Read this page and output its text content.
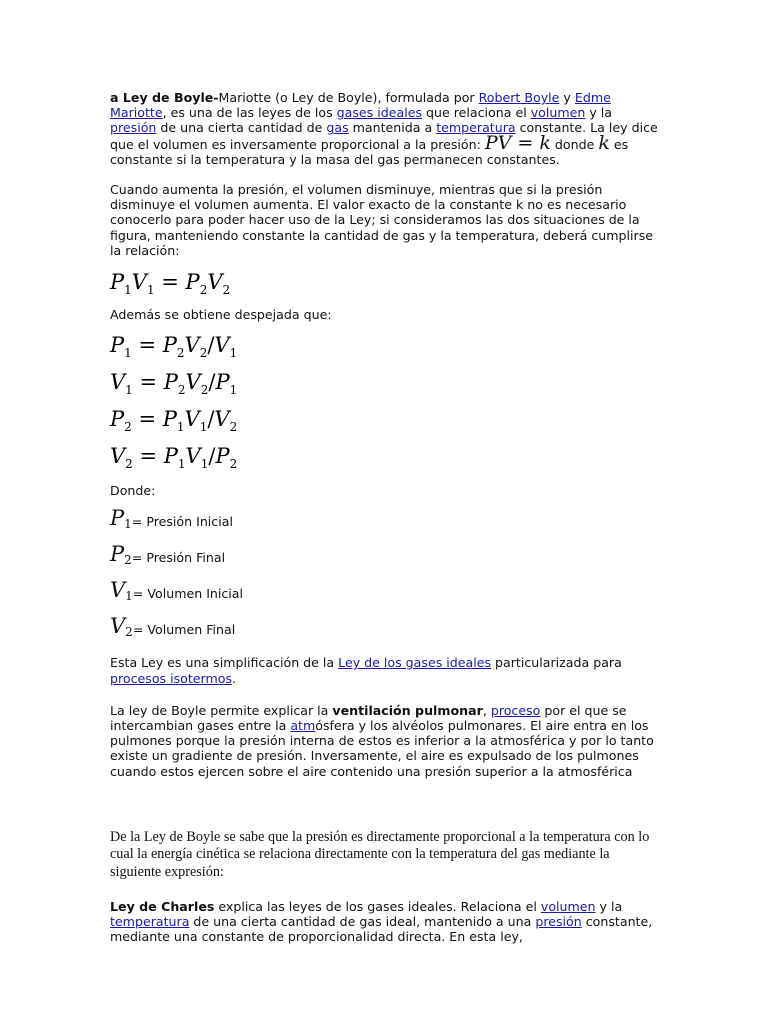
a Ley de Boyle-Mariotte (o Ley de Boyle), formulada por Robert Boyle y Edme Mariotte, es una de las leyes de los gases ideales que relaciona el volumen y la presión de una cierta cantidad de gas mantenida a temperatura constante. La ley dice que el volumen es inversamente proporcional a la presión: PV = k donde k es constante si la temperatura y la masa del gas permanecen constantes.

Cuando aumenta la presión, el volumen disminuye, mientras que si la presión disminuye el volumen aumenta. El valor exacto de la constante k no es necesario conocerlo para poder hacer uso de la Ley; si consideramos las dos situaciones de la figura, manteniendo constante la cantidad de gas y la temperatura, deberá cumplirse la relación:

$P_1V_1 = P_2V_2$

Además se obtiene despejada que:

$P_1 = P_2V_2/V_1$
$V_1 = P_2V_2/P_1$
$P_2 = P_1V_1/V_2$
$V_2 = P_1V_1/P_2$

Donde:

$P_1$ = Presión Inicial
$P_2$ = Presión Final
$V_1$ = Volumen Inicial
$V_2$ = Volumen Final

Esta Ley es una simplificación de la Ley de los gases ideales particularizada para procesos isotermos.

La ley de Boyle permite explicar la ventilación pulmonar, proceso por el que se intercambian gases entre la atmósfera y los alvéolos pulmonares. El aire entra en los pulmones porque la presión interna de estos es inferior a la atmosférica y por lo tanto existe un gradiente de presión. Inversamente, el aire es expulsado de los pulmones cuando estos ejercen sobre el aire contenido una presión superior a la atmosférica

De la Ley de Boyle se sabe que la presión es directamente proporcional a la temperatura con lo cual la energía cinética se relaciona directamente con la temperatura del gas mediante la siguiente expresión:

Ley de Charles explica las leyes de los gases ideales. Relaciona el volumen y la temperatura de una cierta cantidad de gas ideal, mantenido a una presión constante, mediante una constante de proporcionalidad directa. En esta ley,
